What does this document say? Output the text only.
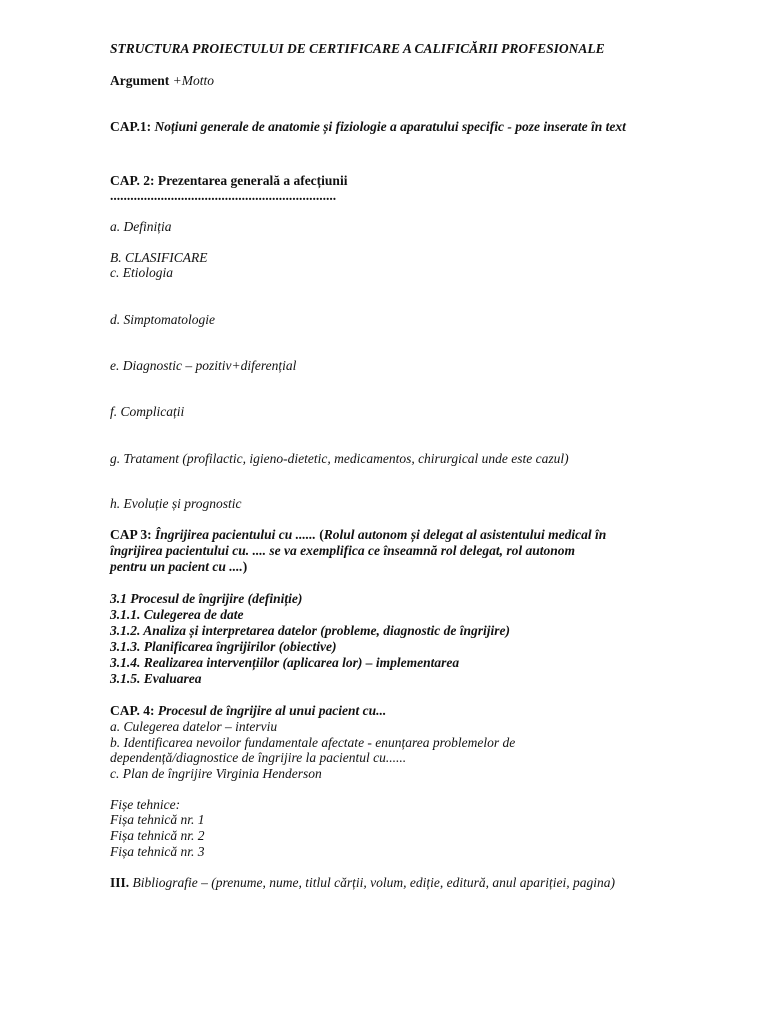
STRUCTURA PROIECTULUI DE CERTIFICARE A CALIFICĂRII PROFESIONALE
Argument +Motto
CAP.1: Noțiuni generale de anatomie și fiziologie a aparatului specific - poze inserate în text
CAP. 2: Prezentarea generală a afecțiunii
...................................................................
a. Definiția
B. CLASIFICARE
c. Etiologia
d. Simptomatologie
e. Diagnostic – pozitiv+diferențial
f. Complicații
g. Tratament (profilactic, igieno-dietetic, medicamentos, chirurgical unde este cazul)
h. Evoluție și prognostic
CAP 3: Îngrijirea pacientului cu ...... (Rolul autonom și delegat al asistentului medical în
îngrijirea pacientului cu. .... se va exemplifica ce înseamnă rol delegat, rol autonom
pentru un pacient cu ....)
3.1 Procesul de îngrijire (definiție)
3.1.1. Culegerea de date
3.1.2. Analiza și interpretarea datelor (probleme, diagnostic de îngrijire)
3.1.3. Planificarea îngrijirilor (obiective)
3.1.4. Realizarea intervențiilor (aplicarea lor) – implementarea
3.1.5. Evaluarea
CAP. 4: Procesul de îngrijire al unui pacient cu...
a. Culegerea datelor – interviu
b. Identificarea nevoilor fundamentale afectate - enunțarea problemelor de
dependență/diagnostice de îngrijire la pacientul cu......
c. Plan de îngrijire Virginia Henderson
Fișe tehnice:
Fișa tehnică nr. 1
Fișa tehnică nr. 2
Fișa tehnică nr. 3
III. Bibliografie – (prenume, nume, titlul cărții, volum, ediție, editură, anul apariției, pagina)
